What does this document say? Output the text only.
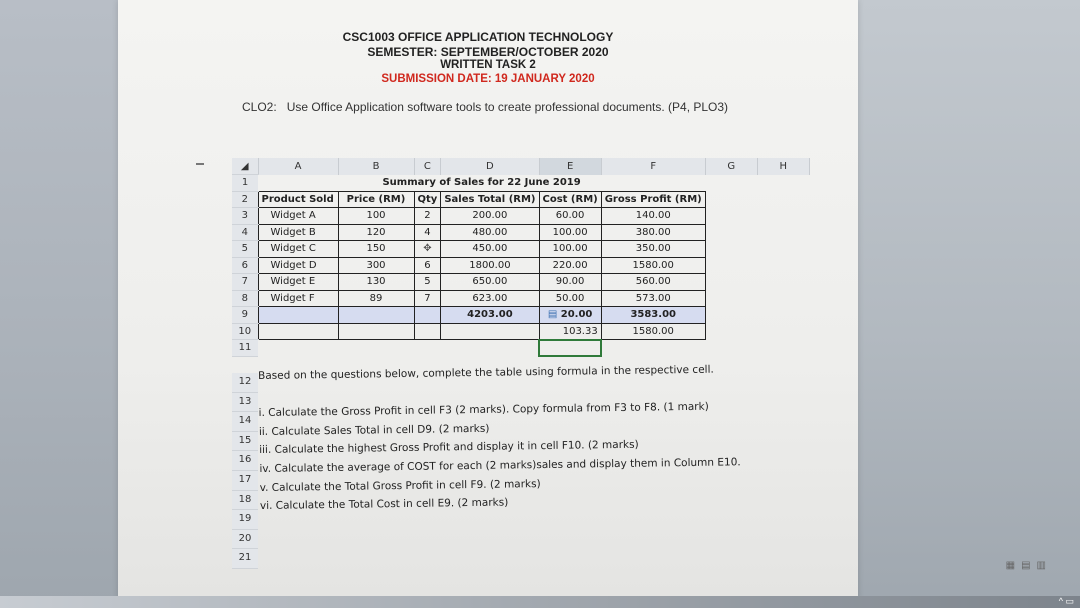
CSC1003 OFFICE APPLICATION TECHNOLOGY
SEMESTER: SEPTEMBER/OCTOBER 2020
WRITTEN TASK 2
SUBMISSION DATE: 19 JANUARY 2020
CLO2: Use Office Application software tools to create professional documents. (P4, PLO3)
◢	A	B	C	D	E	F	G	H
1	Summary of Sales for 22 June 2019							
2	Product Sold	Price (RM)	Qty	Sales Total (RM)	Cost (RM)	Gross Profit (RM)		
3	Widget A	100	2	200.00	60.00	140.00		
4	Widget B	120	4	480.00	100.00	380.00		
5	Widget C	150	✥	450.00	100.00	350.00		
6	Widget D	300	6	1800.00	220.00	1580.00		
7	Widget E	130	5	650.00	90.00	560.00		
8	Widget F	89	7	623.00	50.00	573.00		
9				4203.00	▤ 20.00	3583.00		
10					103.33	1580.00		
11								
12
13
14
15
16
17
18
19
20
21
Based on the questions below, complete the table using formula in the respective cell.

i. Calculate the Gross Profit in cell F3 (2 marks). Copy formula from F3 to F8. (1 mark)
ii. Calculate Sales Total in cell D9. (2 marks)
iii. Calculate the highest Gross Profit and display it in cell F10. (2 marks)
iv. Calculate the average of COST for each (2 marks)sales and display them in Column E10.
v. Calculate the Total Gross Profit in cell F9. (2 marks)
vi. Calculate the Total Cost in cell E9. (2 marks)
▦▤▥
^ ▭
